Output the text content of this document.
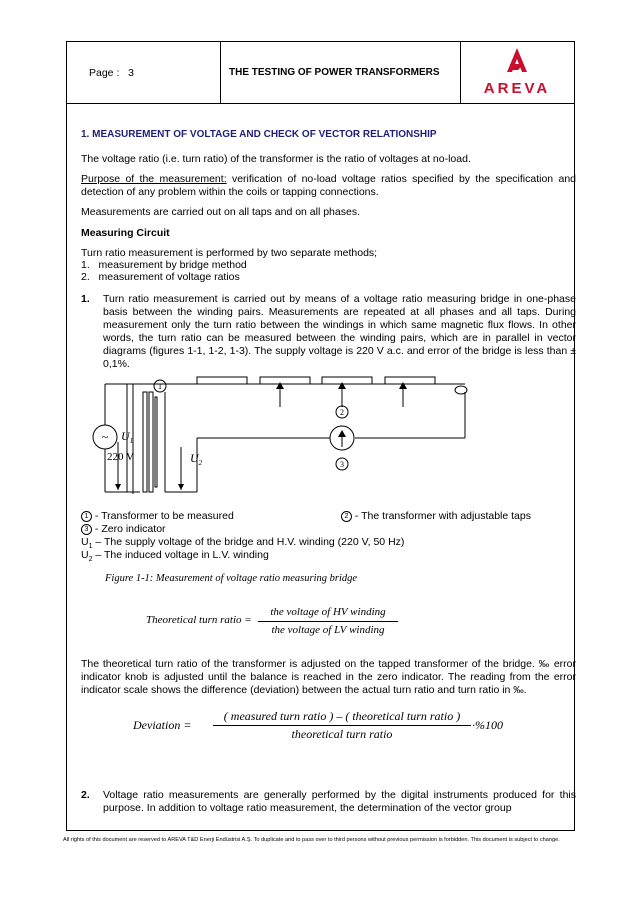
Page : 3	THE TESTING OF POWER TRANSFORMERS
AREVA
1. MEASUREMENT OF VOLTAGE AND CHECK OF VECTOR RELATIONSHIP
The voltage ratio (i.e. turn ratio) of the transformer is the ratio of voltages at no-load.
Purpose of the measurement: verification of no-load voltage ratios specified by the specification and detection of any problem within the coils or tapping connections.
Measurements are carried out on all taps and on all phases.
Measuring Circuit
Turn ratio measurement is performed by two separate methods;
1.   measurement by bridge method
2.   measurement of voltage ratios
1. Turn ratio measurement is carried out by means of a voltage ratio measuring bridge in one-phase basis between the winding pairs. Measurements are repeated at all phases and all taps. During measurement only the turn ratio between the windings in which same magnetic flux flows. In other words, the turn ratio can be measured between the winding pairs, which are in parallel in vector diagrams (figures 1-1, 1-2, 1-3). The supply voltage is 220 V a.c. and error of the bridge is less than ± 0,1%.
1
2
3
~ $U_1$
$U_2$
220 V
1 - Transformer to be measured	2 - The transformer with adjustable taps
3 - Zero indicator
$U_1$ – The supply voltage of the bridge and H.V. winding (220 V, 50 Hz)
$U_2$ – The induced voltage in L.V. winding
Figure 1-1: Measurement of voltage ratio measuring bridge
Theoretical turn ratio =
the voltage of HV winding
the voltage of LV winding
The theoretical turn ratio of the transformer is adjusted on the tapped transformer of the bridge. ‰ error indicator knob is adjusted until the balance is reached in the zero indicator. The reading from the error indicator scale shows the difference (deviation) between the actual turn ratio and turn ratio in ‰.
Deviation =
( measured turn ratio ) – ( theoretical turn ratio )
theoretical turn ratio
·%100
2. Voltage ratio measurements are generally performed by the digital instruments produced for this purpose. In addition to voltage ratio measurement, the determination of the vector group
All rights of this document are reserved to AREVA T&D Enerji Endüstrisi A.Ş. To duplicate and to pass over to third persons without previous permission is forbidden. This document is subject to change.
